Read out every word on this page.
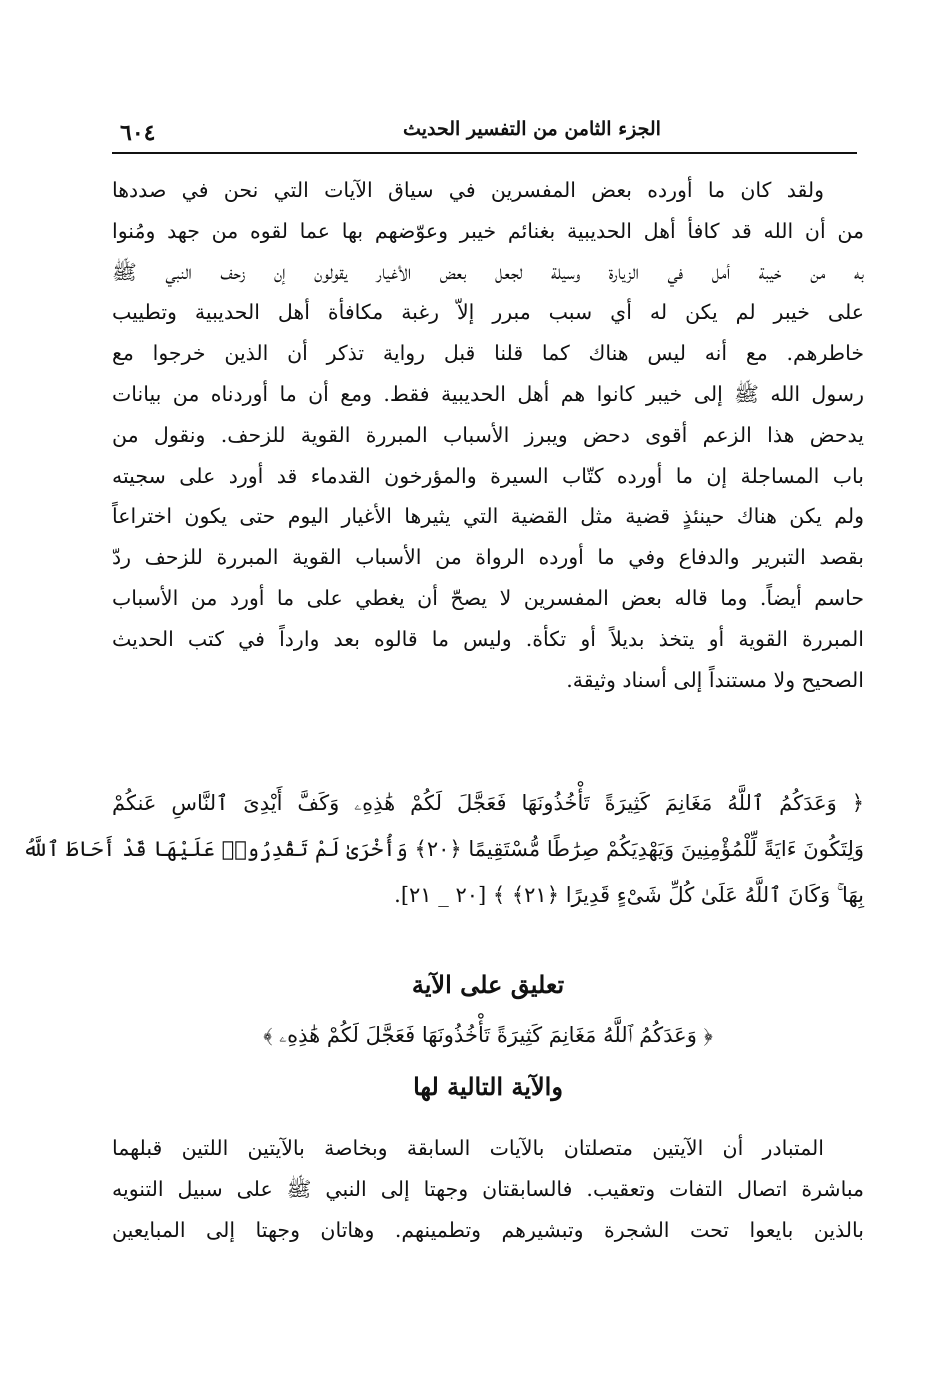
الجزء الثامن من التفسير الحديث
٦٠٤
ولقد كان ما أورده بعض المفسرين في سياق الآيات التي نحن في صددها
من أن الله قد كافأ أهل الحديبية بغنائم خيبر وعوّضهم بها عما لقوه من جهد ومُنوا
به من خيبة أمل في الزيارة وسيلة لجعل بعض الأغيار يقولون إن زحف النبي ﷺ
على خيبر لم يكن له أي سبب مبرر إلاّ رغبة مكافأة أهل الحديبية وتطييب
خاطرهم. مع أنه ليس هناك كما قلنا قبل رواية تذكر أن الذين خرجوا مع
رسول الله ﷺ إلى خيبر كانوا هم أهل الحديبية فقط. ومع أن ما أوردناه من بيانات
يدحض هذا الزعم أقوى دحض ويبرز الأسباب المبررة القوية للزحف. ونقول من
باب المساجلة إن ما أورده كتّاب السيرة والمؤرخون القدماء قد أورد على سجيته
ولم يكن هناك حينئذٍ قضية مثل القضية التي يثيرها الأغيار اليوم حتى يكون اختراعاً
بقصد التبرير والدفاع وفي ما أورده الرواة من الأسباب القوية المبررة للزحف ردّ
حاسم أيضاً. وما قاله بعض المفسرين لا يصحّ أن يغطي على ما أورد من الأسباب
المبررة القوية أو يتخذ بديلاً أو تكأة. وليس ما قالوه بعد وارداً في كتب الحديث
الصحيح ولا مستنداً إلى أسناد وثيقة.
﴿ وَعَدَكُمُ ٱللَّهُ مَغَانِمَ كَثِيرَةً تَأْخُذُونَهَا فَعَجَّلَ لَكُمْ هَٰذِهِۦ وَكَفَّ أَيْدِىَ ٱلنَّاسِ عَنكُمْ
وَلِتَكُونَ ءَايَةً لِّلْمُؤْمِنِينَ وَيَهْدِيَكُمْ صِرَٰطًا مُّسْتَقِيمًا ﴿٢٠﴾ وَأُخْرَىٰ لَمْ تَقْدِرُوا۟ عَلَيْهَا قَدْ أَحَاطَ ٱللَّهُ
بِهَا ۚ وَكَانَ ٱللَّهُ عَلَىٰ كُلِّ شَىْءٍ قَدِيرًا ﴿٢١﴾ ﴾ [٢٠ _ ٢١].
تعليق على الآية
﴿ وَعَدَكُمُ ٱللَّهُ مَغَانِمَ كَثِيرَةً تَأْخُذُونَهَا فَعَجَّلَ لَكُمْ هَٰذِهِۦ ﴾
والآية التالية لها
المتبادر أن الآيتين متصلتان بالآيات السابقة وبخاصة بالآيتين اللتين قبلهما
مباشرة اتصال التفات وتعقيب. فالسابقتان وجهتا إلى النبي ﷺ على سبيل التنويه
بالذين بايعوا تحت الشجرة وتبشيرهم وتطمينهم. وهاتان وجهتا إلى المبايعين
